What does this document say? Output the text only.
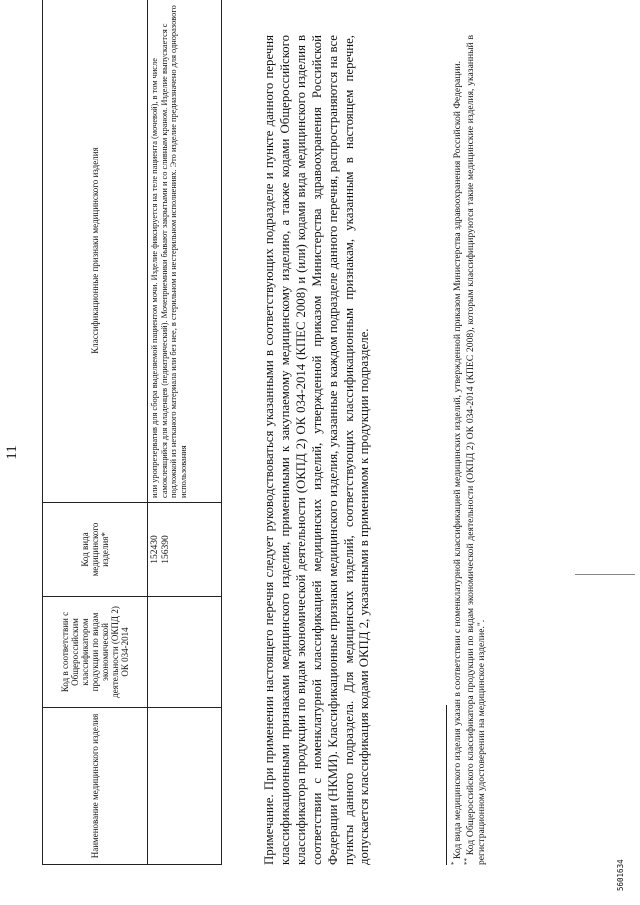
11
Наименование медицинского изделия	Код в соответствии с Общероссийским классификатором продукции по видам экономической деятельности (ОКПД 2) ОК 034-2014	Код вида медицинского изделия*	Классификационные признаки медицинского изделия

		152430 156390	или уропрезерватив для сбора выделяемой пациентом мочи. Изделие фиксируется на теле пациента (мочевой), в том числе самоклеящийся для младенцев (педиатрический). Мочеприемники бывают закрытыми и со сливным краном. Изделие выпускается с подложкой из нетканого материала или без нее, в стерильном и нестерильном исполнениях. Это изделие предназначено для одноразового использования	Примечание. При применении настоящего перечня следует руководствоваться указанными в соответствующих подразделе и пункте данного перечня классификационными признаками медицинского изделия, применимыми к закупаемому медицинскому изделию, а также кодами Общероссийского классификатора продукции по видам экономической деятельности (ОКПД 2) ОК 034-2014 (КПЕС 2008) и (или) кодами вида медицинского изделия в соответствии с номенклатурной классификацией медицинских изделий, утвержденной приказом Министерства здравоохранения Российской Федерации (НКМИ). Классификационные признаки медицинского изделия, указанные в каждом подразделе данного перечня, распространяются на все пункты данного подраздела. Для медицинских изделий, соответствующих классификационным признакам, указанным в настоящем перечне, допускается классификация кодами ОКПД 2, указанными в применимом к продукции подразделе.	* Код вида медицинского изделия указан в соответствии с номенклатурной классификацией медицинских изделий, утвержденной приказом Министерства здравоохранения Российской Федерации.

** Код Общероссийского классификатора продукции по видам экономической деятельности (ОКПД 2) ОК 034-2014 (КПЕС 2008), которым классифицируются такие медицинские изделия, указанный в регистрационном удостоверении на медицинское изделие.".

5601634
